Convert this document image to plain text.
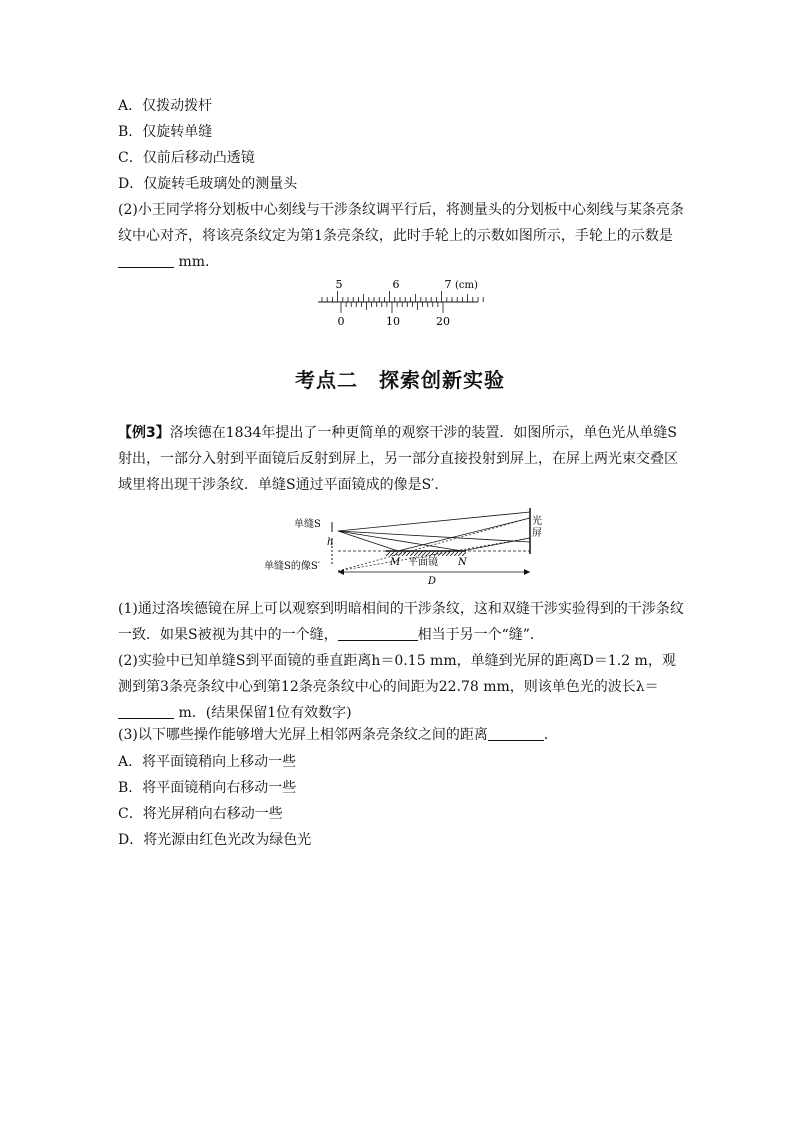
A．仅拨动拨杆
B．仅旋转单缝
C．仅前后移动凸透镜
D．仅旋转毛玻璃处的测量头

(2)小王同学将分划板中心刻线与干涉条纹调平行后，将测量头的分划板中心刻线与某条亮条纹中心对齐，将该亮条纹定为第1条亮条纹，此时手轮上的示数如图所示，手轮上的示数是 mm.

5	6	7 (cm)
0	10	20
考点二　探索创新实验

【例3】洛埃德在1834年提出了一种更简单的观察干涉的装置．如图所示，单色光从单缝S射出，一部分入射到平面镜后反射到屏上，另一部分直接投射到屏上，在屏上两光束交叠区域里将出现干涉条纹．单缝S通过平面镜成的像是S′．

单缝S
h
单缝S的像S′
光
屏
M 平面镜 N
D

(1)通过洛埃德镜在屏上可以观察到明暗相间的干涉条纹，这和双缝干涉实验得到的干涉条纹一致．如果S被视为其中的一个缝，	相当于另一个“缝”．

(2)实验中已知单缝S到平面镜的垂直距离h＝0.15 mm，单缝到光屏的距离D＝1.2 m，观测到第3条亮条纹中心到第12条亮条纹中心的间距为22.78 mm，则该单色光的波长λ＝ m．(结果保留1位有效数字)

(3)以下哪些操作能够增大光屏上相邻两条亮条纹之间的距离	．

A．将平面镜稍向上移动一些
B．将平面镜稍向右移动一些
C．将光屏稍向右移动一些
D．将光源由红色光改为绿色光
